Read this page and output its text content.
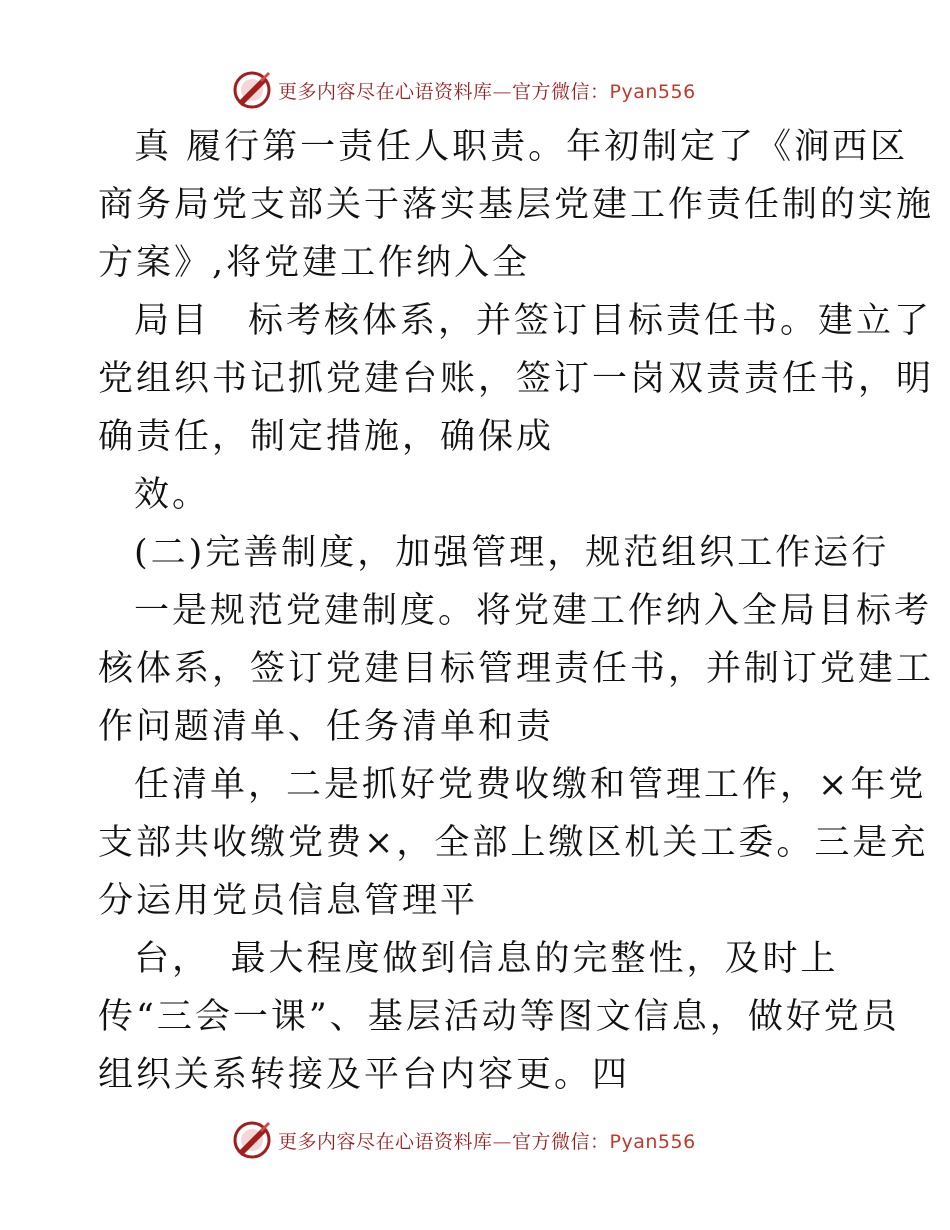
更多内容尽在心语资料库—官方微信：Pyan556
真 履行第一责任人职责。年初制定了《涧西区
商务局党支部关于落实基层党建工作责任制的实施
方案》,将党建工作纳入全
局目　标考核体系，并签订目标责任书。建立了
党组织书记抓党建台账，签订一岗双责责任书，明
确责任，制定措施，确保成
效。
(二)完善制度，加强管理，规范组织工作运行
一是规范党建制度。将党建工作纳入全局目标考
核体系，签订党建目标管理责任书，并制订党建工
作问题清单、任务清单和责
任清单，二是抓好党费收缴和管理工作，×年党
支部共收缴党费×，全部上缴区机关工委。三是充
分运用党员信息管理平
台，　最大程度做到信息的完整性，及时上
传“三会一课”、基层活动等图文信息，做好党员
组织关系转接及平台内容更。四
更多内容尽在心语资料库—官方微信：Pyan556
